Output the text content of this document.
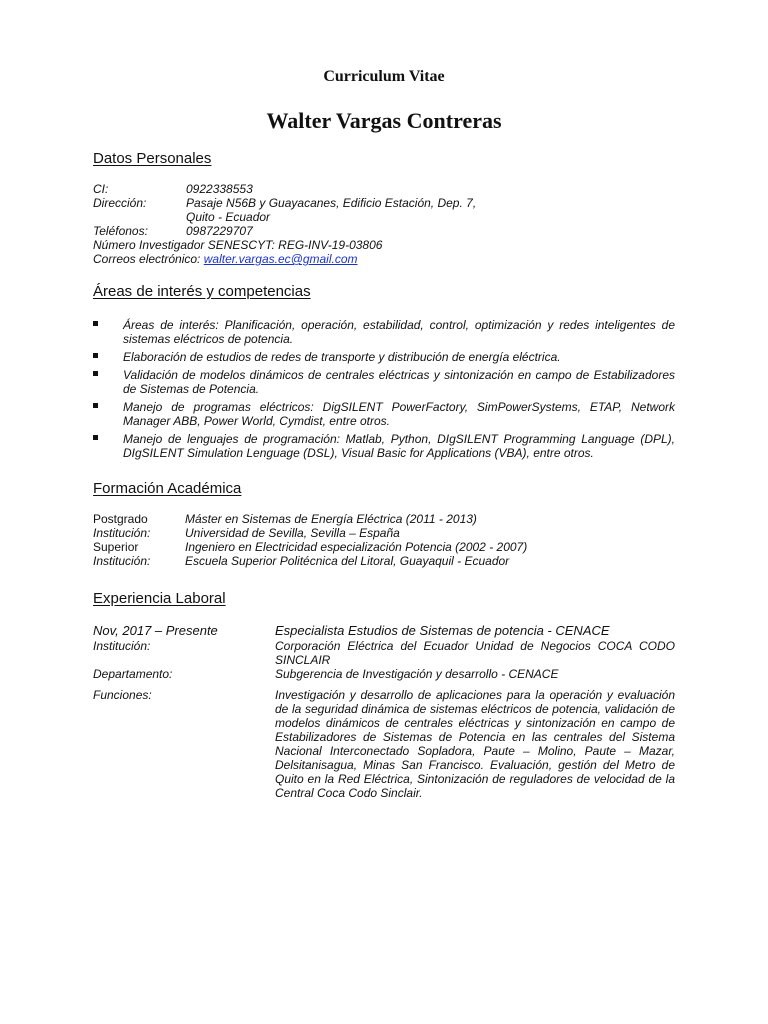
Curriculum Vitae
Walter Vargas Contreras
Datos Personales
CI:	0922338553
Dirección:	Pasaje N56B y Guayacanes, Edificio Estación, Dep. 7,
Quito - Ecuador
Teléfonos:	0987229707
Número Investigador SENESCYT: REG-INV-19-03806
Correos electrónico: walter.vargas.ec@gmail.com
Áreas de interés y competencias
Áreas de interés: Planificación, operación, estabilidad, control, optimización y redes inteligentes de sistemas eléctricos de potencia.
Elaboración de estudios de redes de transporte y distribución de energía eléctrica.
Validación de modelos dinámicos de centrales eléctricas y sintonización en campo de Estabilizadores de Sistemas de Potencia.
Manejo de programas eléctricos: DigSILENT PowerFactory, SimPowerSystems, ETAP, Network Manager ABB, Power World, Cymdist, entre otros.
Manejo de lenguajes de programación: Matlab, Python, DIgSILENT Programming Language (DPL), DIgSILENT Simulation Lenguage (DSL), Visual Basic for Applications (VBA), entre otros.
Formación Académica
Postgrado	Máster en Sistemas de Energía Eléctrica (2011 - 2013)
Institución:	Universidad de Sevilla, Sevilla – España
Superior	Ingeniero en Electricidad especialización Potencia (2002 - 2007)
Institución:	Escuela Superior Politécnica del Litoral, Guayaquil - Ecuador
Experiencia Laboral
Nov, 2017 – Presente	Especialista Estudios de Sistemas de potencia - CENACE
Institución:	Corporación Eléctrica del Ecuador Unidad de Negocios COCA CODO SINCLAIR
Departamento:	Subgerencia de Investigación y desarrollo - CENACE
Funciones:	Investigación y desarrollo de aplicaciones para la operación y evaluación de la seguridad dinámica de sistemas eléctricos de potencia, validación de modelos dinámicos de centrales eléctricas y sintonización en campo de Estabilizadores de Sistemas de Potencia en las centrales del Sistema Nacional Interconectado Sopladora, Paute – Molino, Paute – Mazar, Delsitanisagua, Minas San Francisco. Evaluación, gestión del Metro de Quito en la Red Eléctrica, Sintonización de reguladores de velocidad de la Central Coca Codo Sinclair.
